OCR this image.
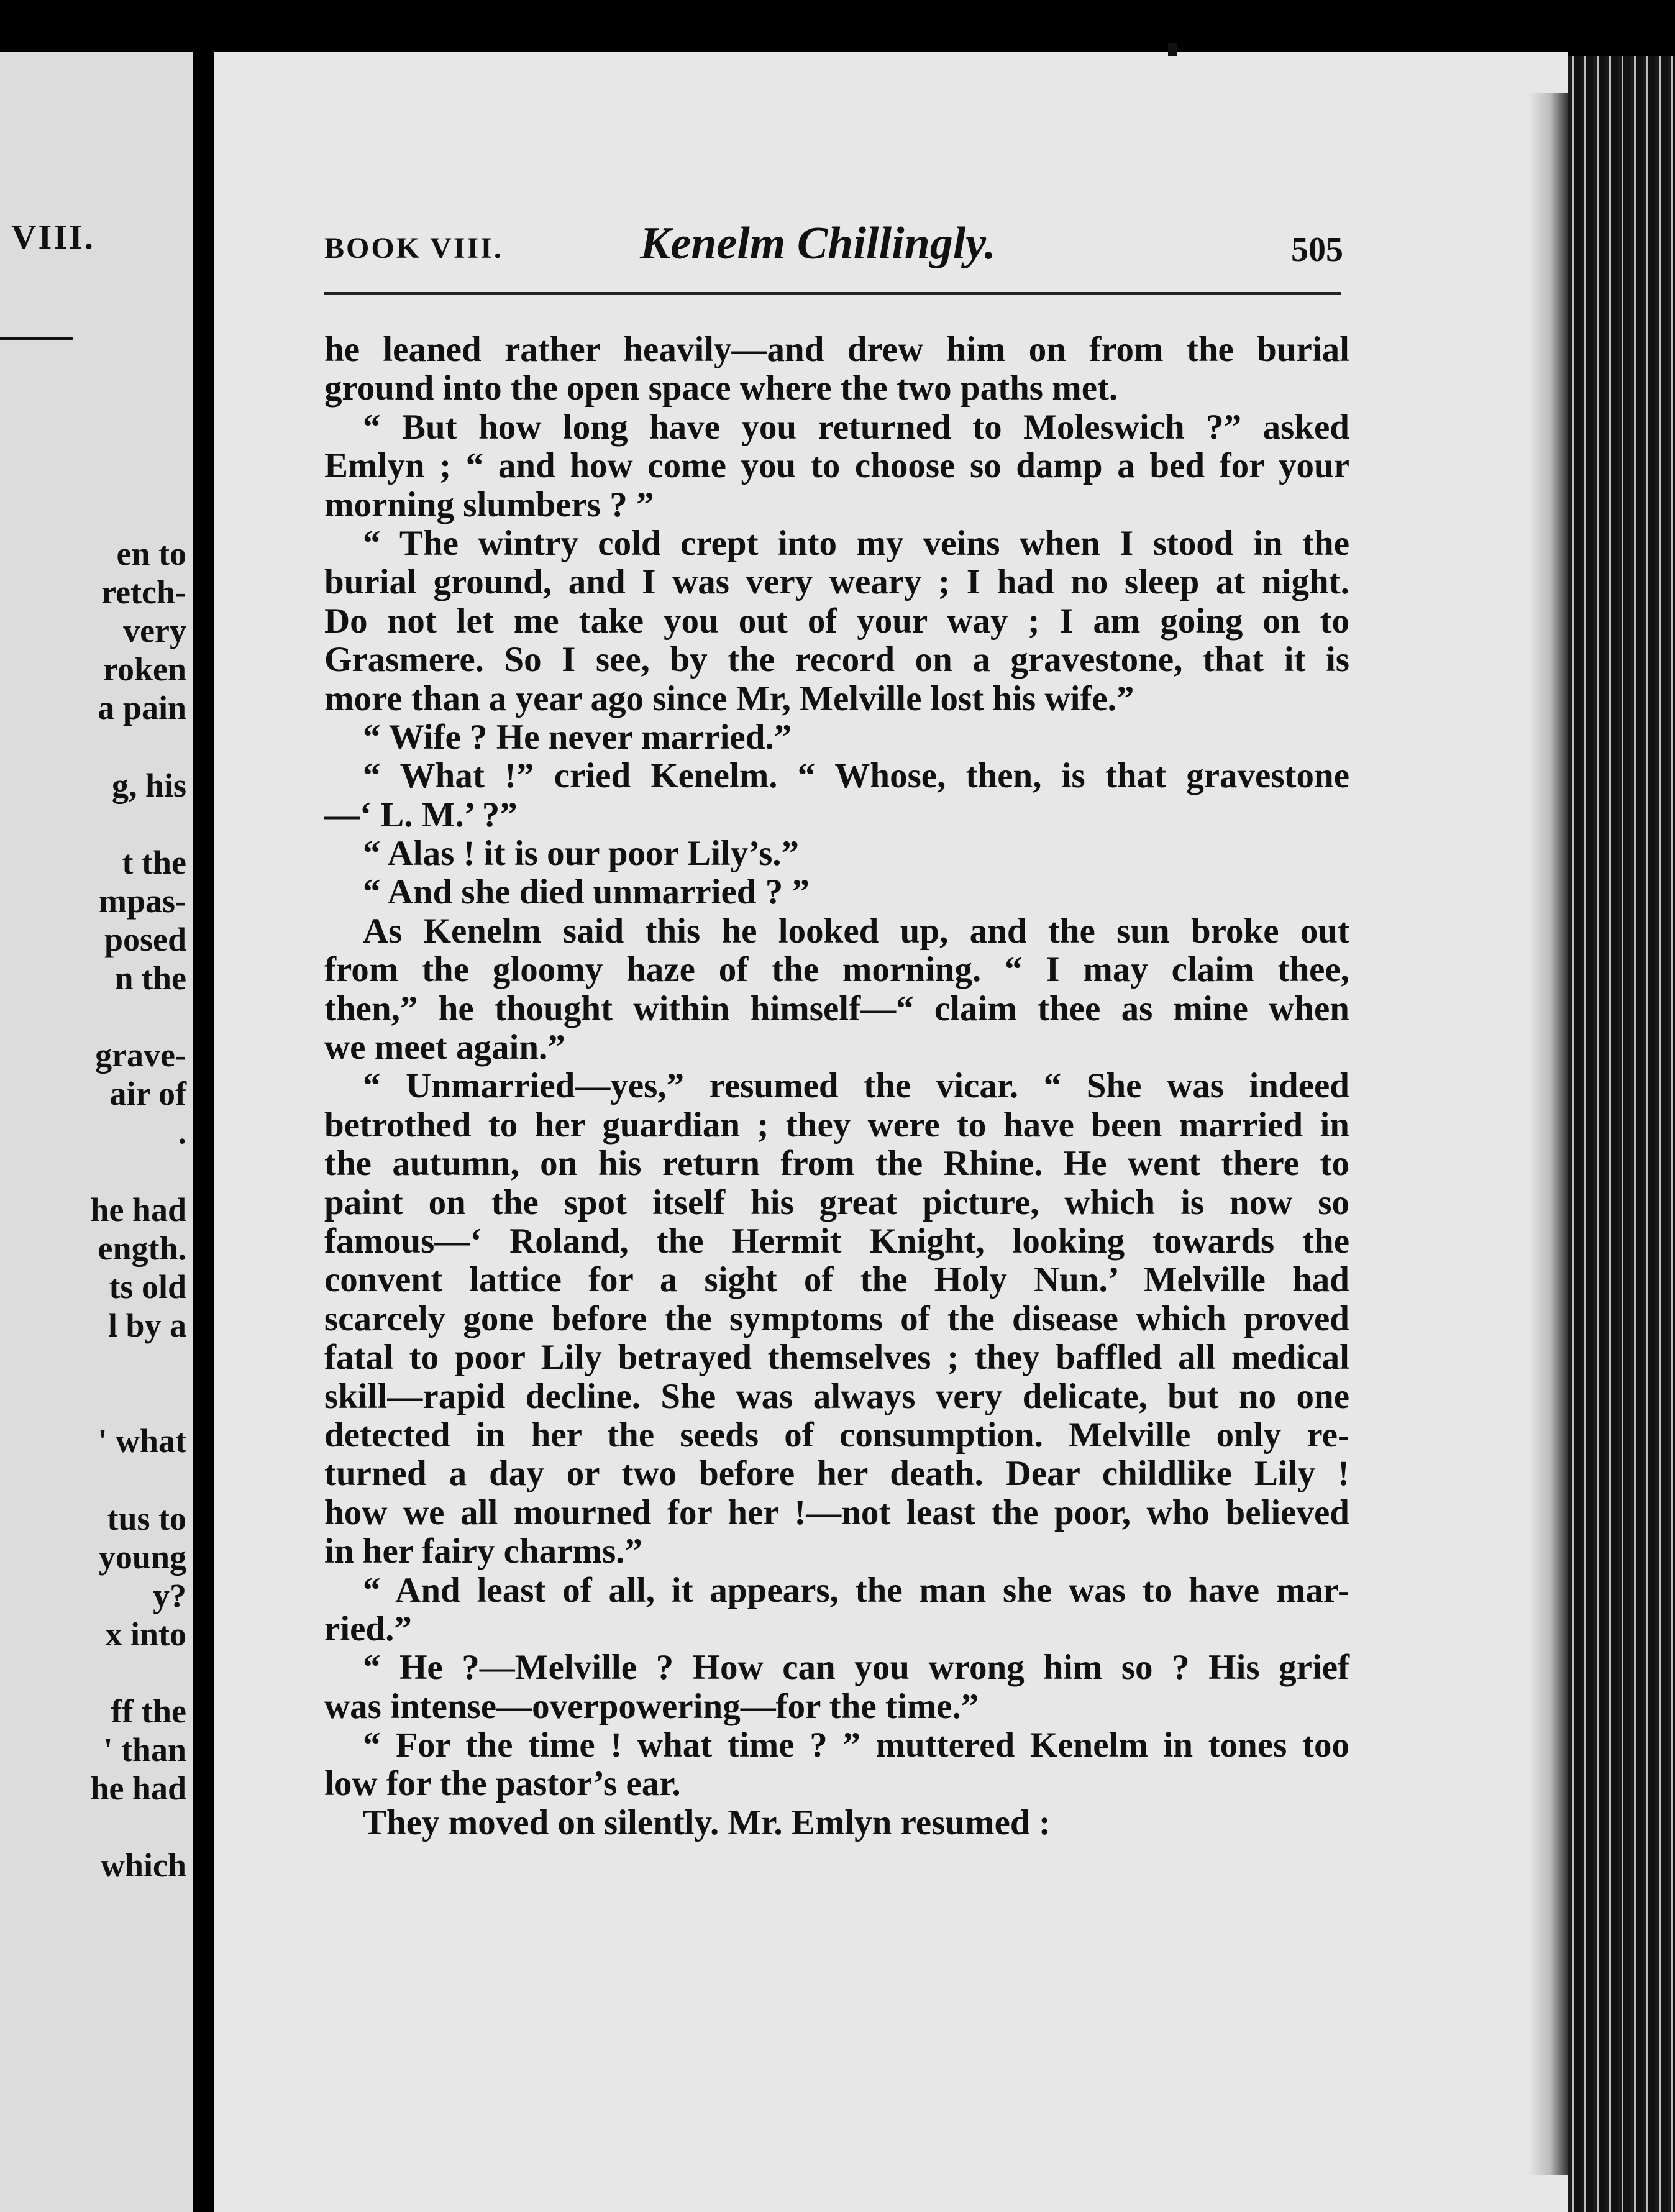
VIII.
en to
retch-
very
roken
a pain
g, his
t the
mpas-
posed
n the
grave-
air of
.
he had
ength.
ts old
l by a
' what
tus to
young
y?
x into
ff the
' than
he had
which
BOOK VIII.	Kenelm Chillingly.	505
he leaned rather heavily—and drew him on from the burial
ground into the open space where the two paths met.
“ But how long have you returned to Moleswich ?” asked
Emlyn ; “ and how come you to choose so damp a bed for your
morning slumbers ? ”
“ The wintry cold crept into my veins when I stood in the
burial ground, and I was very weary ; I had no sleep at night.
Do not let me take you out of your way ; I am going on to
Grasmere. So I see, by the record on a gravestone, that it is
more than a year ago since Mr, Melville lost his wife.”
“ Wife ? He never married.”
“ What !” cried Kenelm. “ Whose, then, is that gravestone
—‘ L. M.’ ?”
“ Alas ! it is our poor Lily’s.”
“ And she died unmarried ? ”
As Kenelm said this he looked up, and the sun broke out
from the gloomy haze of the morning. “ I may claim thee,
then,” he thought within himself—“ claim thee as mine when
we meet again.”
“ Unmarried—yes,” resumed the vicar. “ She was indeed
betrothed to her guardian ; they were to have been married in
the autumn, on his return from the Rhine. He went there to
paint on the spot itself his great picture, which is now so
famous—‘ Roland, the Hermit Knight, looking towards the
convent lattice for a sight of the Holy Nun.’ Melville had
scarcely gone before the symptoms of the disease which proved
fatal to poor Lily betrayed themselves ; they baffled all medical
skill—rapid decline. She was always very delicate, but no one
detected in her the seeds of consumption. Melville only re-
turned a day or two before her death. Dear childlike Lily !
how we all mourned for her !—not least the poor, who believed
in her fairy charms.”
“ And least of all, it appears, the man she was to have mar-
ried.”
“ He ?—Melville ? How can you wrong him so ? His grief
was intense—overpowering—for the time.”
“ For the time ! what time ? ” muttered Kenelm in tones too
low for the pastor’s ear.
They moved on silently. Mr. Emlyn resumed :
